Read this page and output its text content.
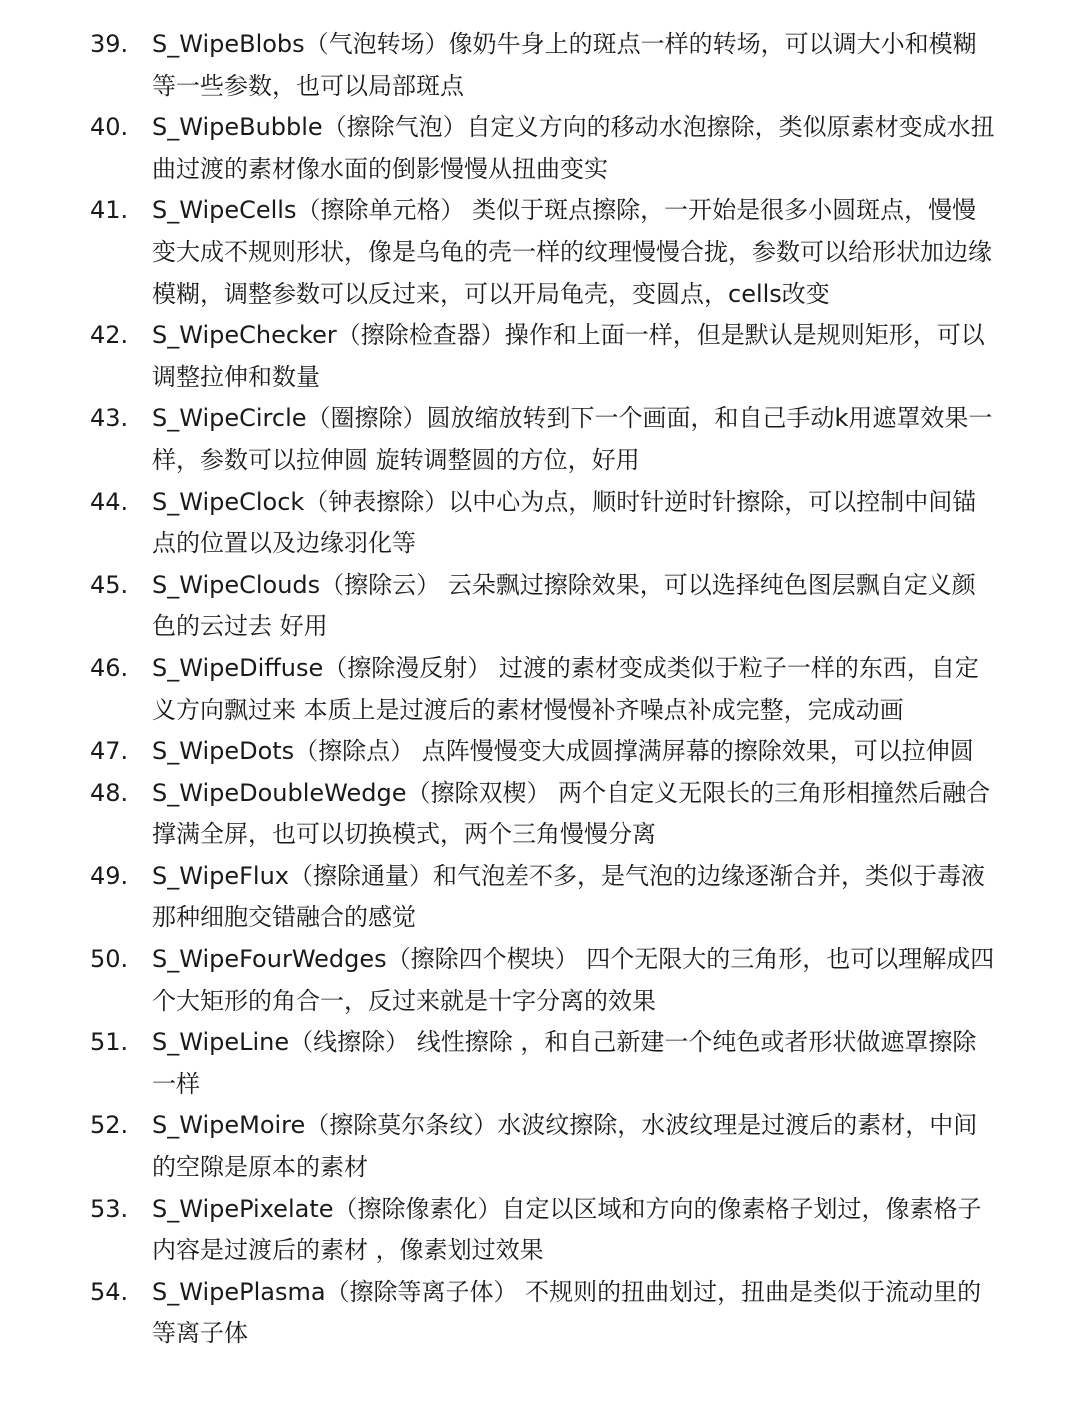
39. S_WipeBlobs（气泡转场）像奶牛身上的斑点一样的转场，可以调大小和模糊等一些参数，也可以局部斑点
40. S_WipeBubble（擦除气泡）自定义方向的移动水泡擦除，类似原素材变成水扭曲过渡的素材像水面的倒影慢慢从扭曲变实
41. S_WipeCells（擦除单元格） 类似于斑点擦除，一开始是很多小圆斑点，慢慢变大成不规则形状，像是乌龟的壳一样的纹理慢慢合拢，参数可以给形状加边缘模糊，调整参数可以反过来，可以开局龟壳，变圆点，cells改变
42. S_WipeChecker（擦除检查器）操作和上面一样，但是默认是规则矩形，可以调整拉伸和数量
43. S_WipeCircle（圈擦除）圆放缩放转到下一个画面，和自己手动k用遮罩效果一样，参数可以拉伸圆 旋转调整圆的方位，好用
44. S_WipeClock（钟表擦除）以中心为点，顺时针逆时针擦除，可以控制中间锚点的位置以及边缘羽化等
45. S_WipeClouds（擦除云） 云朵飘过擦除效果，可以选择纯色图层飘自定义颜色的云过去 好用
46. S_WipeDiffuse（擦除漫反射） 过渡的素材变成类似于粒子一样的东西，自定义方向飘过来 本质上是过渡后的素材慢慢补齐噪点补成完整，完成动画
47. S_WipeDots（擦除点） 点阵慢慢变大成圆撑满屏幕的擦除效果，可以拉伸圆
48. S_WipeDoubleWedge（擦除双楔） 两个自定义无限长的三角形相撞然后融合撑满全屏，也可以切换模式，两个三角慢慢分离
49. S_WipeFlux（擦除通量）和气泡差不多，是气泡的边缘逐渐合并，类似于毒液那种细胞交错融合的感觉
50. S_WipeFourWedges（擦除四个楔块） 四个无限大的三角形，也可以理解成四个大矩形的角合一，反过来就是十字分离的效果
51. S_WipeLine（线擦除） 线性擦除 ，和自己新建一个纯色或者形状做遮罩擦除一样
52. S_WipeMoire（擦除莫尔条纹）水波纹擦除，水波纹理是过渡后的素材，中间的空隙是原本的素材
53. S_WipePixelate（擦除像素化）自定以区域和方向的像素格子划过，像素格子内容是过渡后的素材 ，像素划过效果
54. S_WipePlasma（擦除等离子体） 不规则的扭曲划过，扭曲是类似于流动里的等离子体
